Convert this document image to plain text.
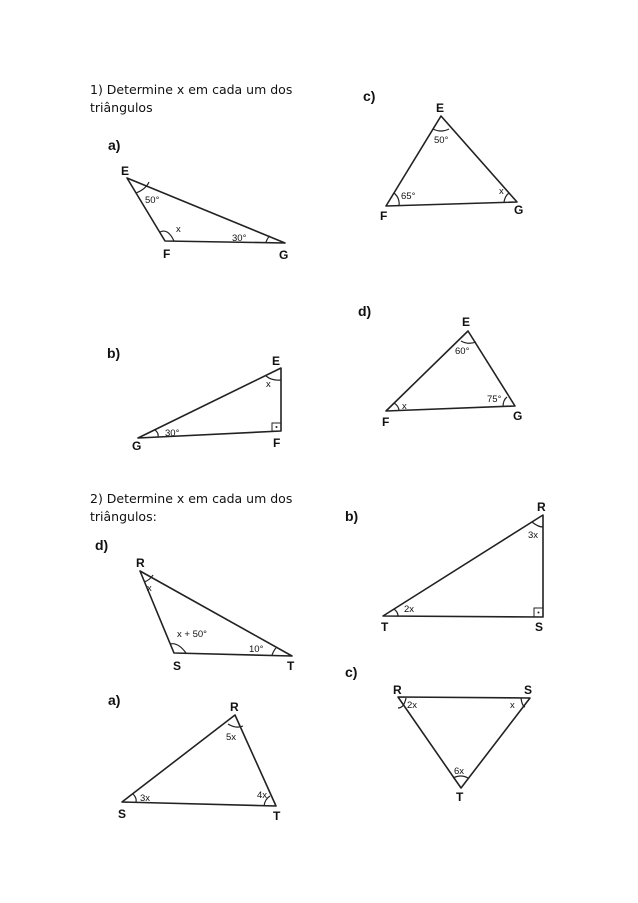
1) Determine x em cada um dos
triângulos
2) Determine x em cada um dos
triângulos:
a)
E
F	G
50°
x
30°
b)	E
G	F
x
30°
c)
E
F	G
50°
65°	x
d)
E
F	G
60°
x
75°
d)
R
S	T
x
x + 50°
10°
b)
R
T	S
3x
2x
a)	R
S	T
5x
3x	4x
c)
R	S
T
2x	x
6x
